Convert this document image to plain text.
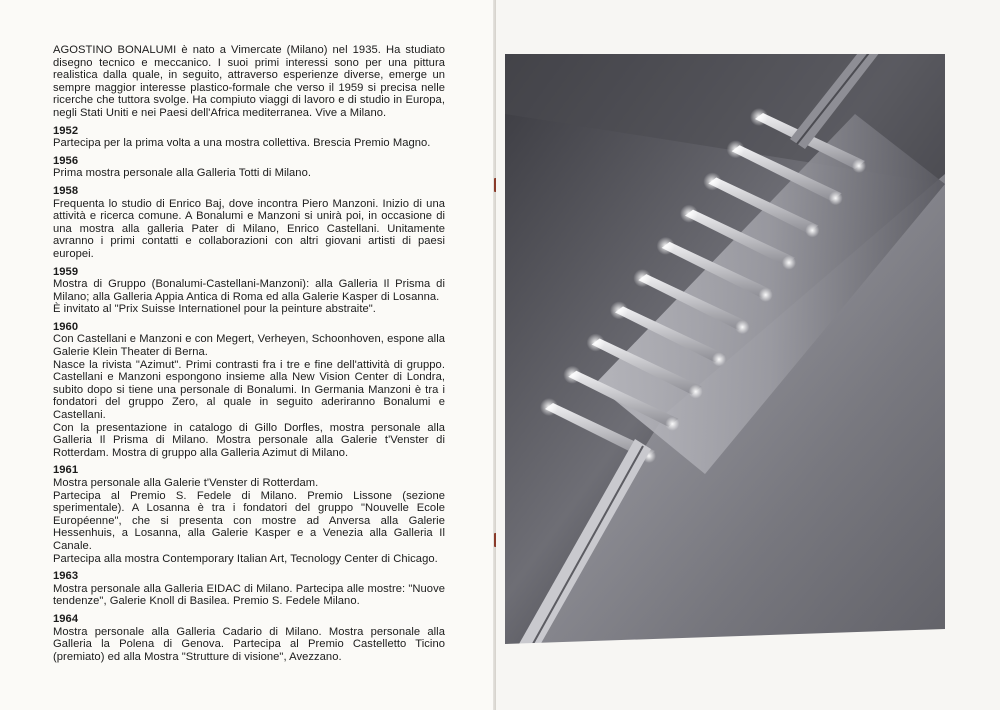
AGOSTINO BONALUMI è nato a Vimercate (Milano) nel 1935. Ha studiato disegno tecnico e meccanico. I suoi primi interessi sono per una pittura realistica dalla quale, in seguito, attraverso esperienze diverse, emerge un sempre maggior interesse plastico-formale che verso il 1959 si precisa nelle ricerche che tuttora svolge. Ha compiuto viaggi di lavoro e di studio in Europa, negli Stati Uniti e nei Paesi dell'Africa mediterranea. Vive a Milano.

1952
Partecipa per la prima volta a una mostra collettiva. Brescia Premio Magno.
1956
Prima mostra personale alla Galleria Totti di Milano.
1958
Frequenta lo studio di Enrico Baj, dove incontra Piero Manzoni. Inizio di una attività e ricerca comune. A Bonalumi e Manzoni si unirà poi, in occasione di una mostra alla galleria Pater di Milano, Enrico Castellani. Unitamente avranno i primi contatti e collaborazioni con altri giovani artisti di paesi europei.
1959
Mostra di Gruppo (Bonalumi-Castellani-Manzoni): alla Galleria Il Prisma di Milano; alla Galleria Appia Antica di Roma ed alla Galerie Kasper di Losanna.
È invitato al "Prix Suisse Internationel pour la peinture abstraite".
1960
Con Castellani e Manzoni e con Megert, Verheyen, Schoonhoven, espone alla Galerie Klein Theater di Berna.
Nasce la rivista "Azimut". Primi contrasti fra i tre e fine dell'attività di gruppo. Castellani e Manzoni espongono insieme alla New Vision Center di Londra, subito dopo si tiene una personale di Bonalumi. In Germania Manzoni è tra i fondatori del gruppo Zero, al quale in seguito aderiranno Bonalumi e Castellani.
Con la presentazione in catalogo di Gillo Dorfles, mostra personale alla Galleria Il Prisma di Milano. Mostra personale alla Galerie t'Venster di Rotterdam. Mostra di gruppo alla Galleria Azimut di Milano.
1961
Mostra personale alla Galerie t'Venster di Rotterdam.
Partecipa al Premio S. Fedele di Milano. Premio Lissone (sezione sperimentale). A Losanna è tra i fondatori del gruppo "Nouvelle Ecole Européenne", che si presenta con mostre ad Anversa alla Galerie Hessenhuis, a Losanna, alla Galerie Kasper e a Venezia alla Galleria Il Canale.
Partecipa alla mostra Contemporary Italian Art, Tecnology Center di Chicago.
1963
Mostra personale alla Galleria EIDAC di Milano. Partecipa alle mostre: "Nuove tendenze", Galerie Knoll di Basilea. Premio S. Fedele Milano.
1964
Mostra personale alla Galleria Cadario di Milano. Mostra personale alla Galleria la Polena di Genova. Partecipa al Premio Castelletto Ticino (premiato) ed alla Mostra "Strutture di visione", Avezzano.
